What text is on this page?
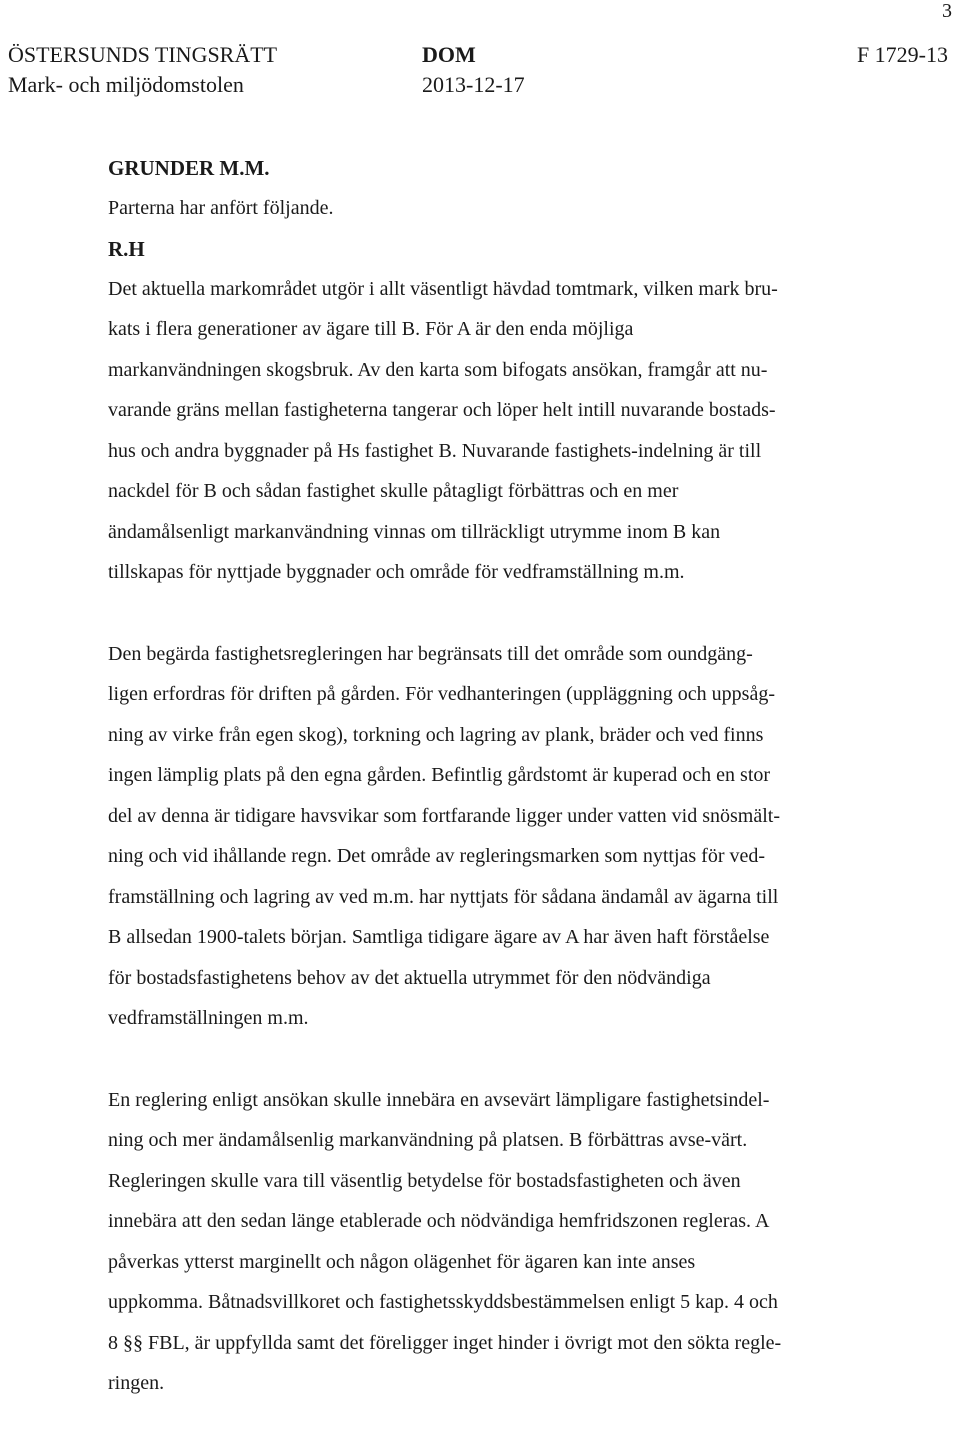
3
ÖSTERSUNDS TINGSRÄTT
Mark- och miljödomstolen
DOM
2013-12-17
F 1729-13

GRUNDER M.M.

Parterna har anfört följande.

R.H

Det aktuella markområdet utgör i allt väsentligt hävdad tomtmark, vilken mark bru-

kats i flera generationer av ägare till B. För A är den enda möjliga

markanvändningen skogsbruk. Av den karta som bifogats ansökan, framgår att nu-

varande gräns mellan fastigheterna tangerar och löper helt intill nuvarande bostads-

hus och andra byggnader på Hs fastighet B. Nuvarande fastighets-indelning är till

nackdel för B och sådan fastighet skulle påtagligt förbättras och en mer

ändamålsenligt markanvändning vinnas om tillräckligt utrymme inom B kan

tillskapas för nyttjade byggnader och område för vedframställning m.m.

Den begärda fastighetsregleringen har begränsats till det område som oundgäng-

ligen erfordras för driften på gården. För vedhanteringen (uppläggning och uppsåg-

ning av virke från egen skog), torkning och lagring av plank, bräder och ved finns

ingen lämplig plats på den egna gården. Befintlig gårdstomt är kuperad och en stor

del av denna är tidigare havsvikar som fortfarande ligger under vatten vid snösmält-

ning och vid ihållande regn. Det område av regleringsmarken som nyttjas för ved-

framställning och lagring av ved m.m. har nyttjats för sådana ändamål av ägarna till

B allsedan 1900-talets början. Samtliga tidigare ägare av A har även haft förståelse

för bostadsfastighetens behov av det aktuella utrymmet för den nödvändiga

vedframställningen m.m.

En reglering enligt ansökan skulle innebära en avsevärt lämpligare fastighetsindel-

ning och mer ändamålsenlig markanvändning på platsen. B förbättras avse-värt.

Regleringen skulle vara till väsentlig betydelse för bostadsfastigheten och även

innebära att den sedan länge etablerade och nödvändiga hemfridszonen regleras. A

påverkas ytterst marginellt och någon olägenhet för ägaren kan inte anses

uppkomma. Båtnadsvillkoret och fastighetsskyddsbestämmelsen enligt 5 kap. 4 och

8 §§ FBL, är uppfyllda samt det föreligger inget hinder i övrigt mot den sökta regle-

ringen.
